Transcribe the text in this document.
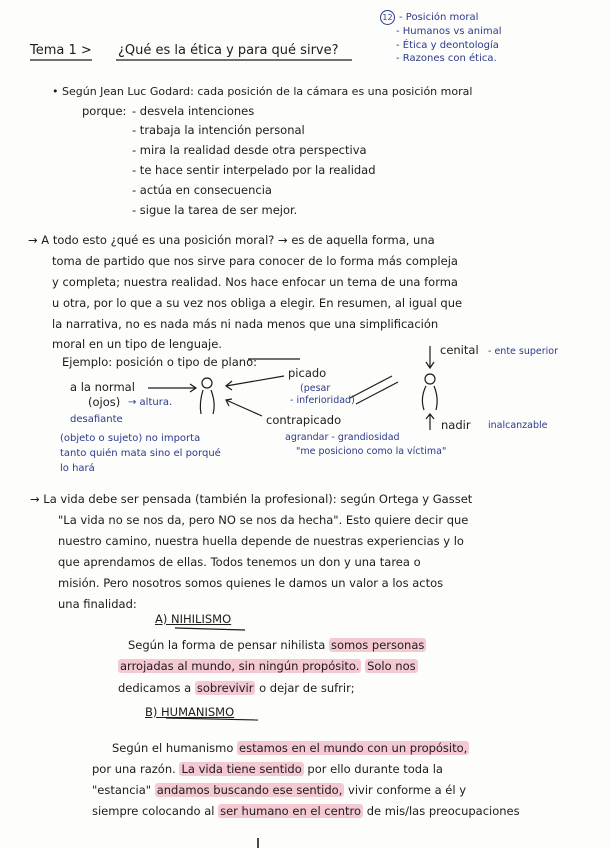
Tema 1 > ¿Qué es la ética y para qué sirve?
12 - Posición moral
- Humanos vs animal
- Ética y deontología
- Razones con ética.
• Según Jean Luc Godard: cada posición de la cámara es una posición moral
porque: - desvela intenciones
- trabaja la intención personal
- mira la realidad desde otra perspectiva
- te hace sentir interpelado por la realidad
- actúa en consecuencia
- sigue la tarea de ser mejor.
→ A todo esto ¿qué es una posición moral? → es de aquella forma, una
toma de partido que nos sirve para conocer de lo forma más compleja
y completa; nuestra realidad. Nos hace enfocar un tema de una forma
u otra, por lo que a su vez nos obliga a elegir. En resumen, al igual que
la narrativa, no es nada más ni nada menos que una simplificación
moral en un tipo de lenguaje.
Ejemplo: posición o tipo de plano:
a la normal
(ojos) → altura.
desafiante
(objeto o sujeto) no importa
tanto quién mata sino el porqué
lo hará
picado
(pesar
- inferioridad)
contrapicado
agrandar - grandiosidad
"me posiciono como la víctima"
cenital - ente superior
nadir inalcanzable
→ La vida debe ser pensada (también la profesional): según Ortega y Gasset
"La vida no se nos da, pero NO se nos da hecha". Esto quiere decir que
nuestro camino, nuestra huella depende de nuestras experiencias y lo
que aprendamos de ellas. Todos tenemos un don y una tarea o
misión. Pero nosotros somos quienes le damos un valor a los actos
una finalidad:
A) NIHILISMO
Según la forma de pensar nihilista somos personas
arrojadas al mundo, sin ningún propósito. Solo nos
dedicamos a sobrevivir o dejar de sufrir;
B) HUMANISMO
Según el humanismo estamos en el mundo con un propósito,
por una razón. La vida tiene sentido por ello durante toda la
"estancia" andamos buscando ese sentido, vivir conforme a él y
siempre colocando al ser humano en el centro de mis/las preocupaciones
